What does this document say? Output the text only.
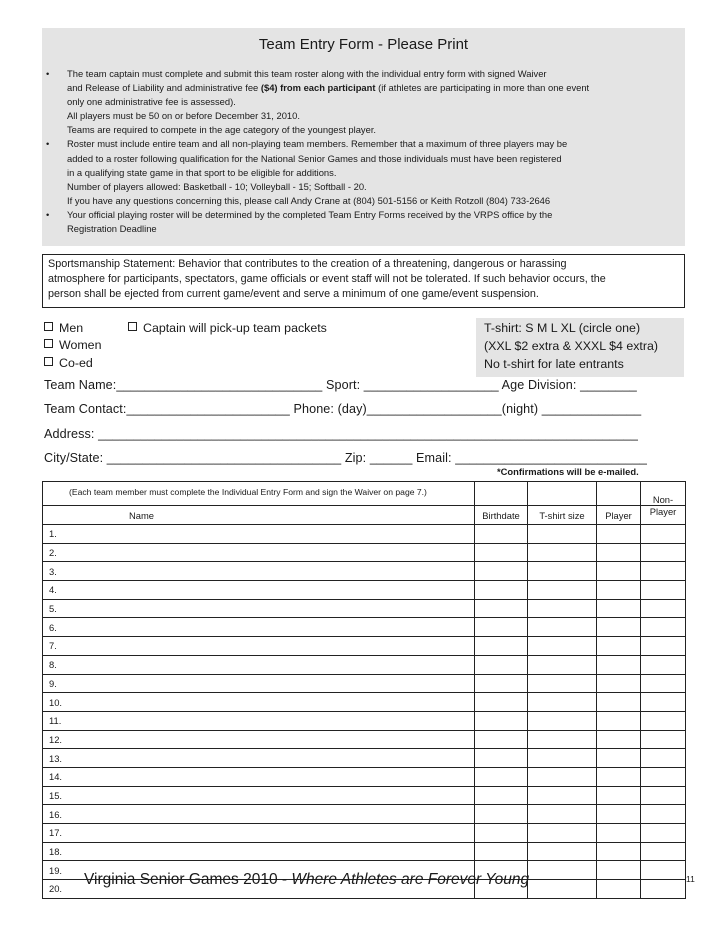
Team Entry Form - Please Print
• The team captain must complete and submit this team roster along with the individual entry form with signed Waiver
and Release of Liability and administrative fee ($4) from each participant (if athletes are participating in more than one event
only one administrative fee is assessed).
All players must be 50 on or before December 31, 2010.
Teams are required to compete in the age category of the youngest player.
• Roster must include entire team and all non-playing team members. Remember that a maximum of three players may be
added to a roster following qualification for the National Senior Games and those individuals must have been registered
in a qualifying state game in that sport to be eligible for additions.
Number of players allowed: Basketball - 10; Volleyball - 15; Softball - 20.
If you have any questions concerning this, please call Andy Crane at (804) 501-5156 or Keith Rotzoll (804) 733-2646
• Your official playing roster will be determined by the completed Team Entry Forms received by the VRPS office by the
Registration Deadline
Sportsmanship Statement: Behavior that contributes to the creation of a threatening, dangerous or harassing
atmosphere for participants, spectators, game officials or event staff will not be tolerated. If such behavior occurs, the
person shall be ejected from current game/event and serve a minimum of one game/event suspension.
Men
Women
Co-ed
Captain will pick-up team packets	T-shirt: S M L XL (circle one)
(XXL $2 extra & XXXL $4 extra)
No t-shirt for late entrants
Team Name:_____________________________ Sport: ___________________ Age Division: ________
Team Contact:_______________________ Phone: (day)___________________(night) ______________
Address: ____________________________________________________________________________
City/State: _________________________________ Zip: ______ Email: ___________________________
*Confirmations will be e-mailed.
(Each team member must complete the Individual Entry Form and sign the Waiver on page 7.)				Non-
Name	Birthdate	T-shirt size	Player	Player
1.				
2.				
3.				
4.				
5.				
6.				
7.				
8.				
9.				
10.				
11.				
12.				
13.				
14.				
15.				
16.				
17.				
18.				
19.				
20.				
Virginia Senior Games 2010 - Where Athletes are Forever Young	11
